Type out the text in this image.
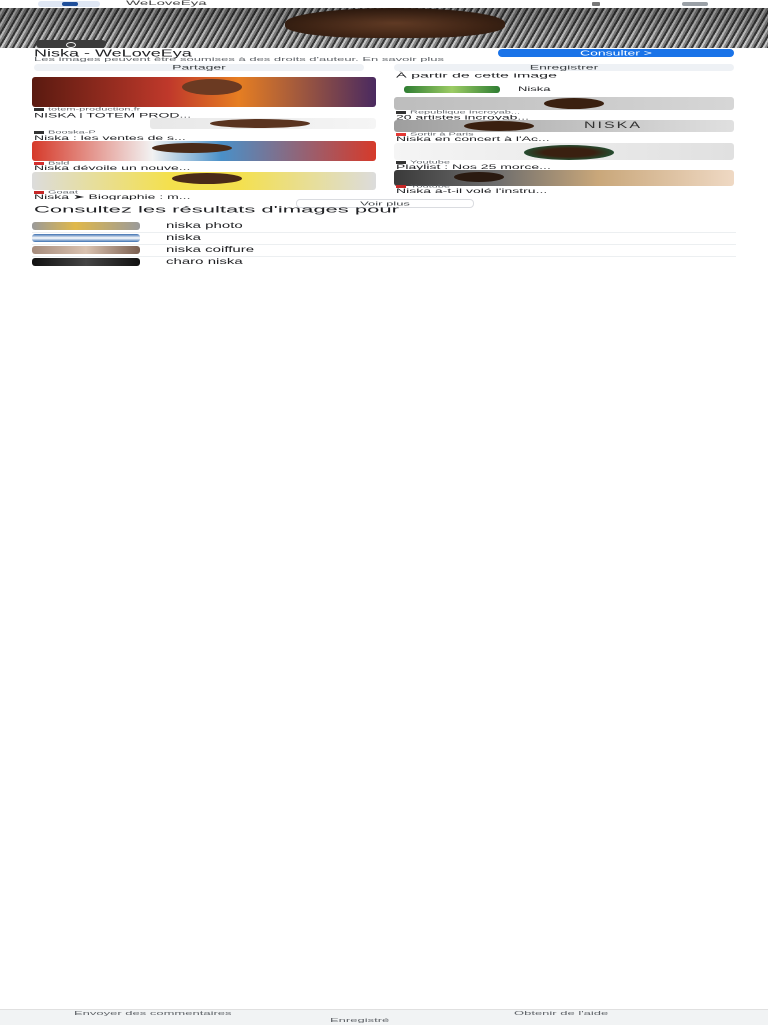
WeLoveEya
Niska - WeLoveEya	Consulter >
Les images peuvent être soumises à des droits d'auteur. En savoir plus
Partager	Enregistrer
totem-production.fr
NISKA | TOTEM PROD...
Booska-P
Niska : les ventes de s...
Bsld
Niska dévoile un nouve...
Goaat
Niska ➤ Biographie : m...
À partir de cette image
Niska
Republique Incroyab...
20 artistes incroyab...
NISKA
Sortir à Paris
Niska en concert à l'Ac...
Youtube
Playlist : Nos 25 morce...
Youtube
Niska a-t-il volé l'instru...
Voir plus
Consultez les résultats d'images pour
niska photo
niska
niska coiffure
charo niska
Envoyer des commentaires	Obtenir de l'aide
Enregistré
